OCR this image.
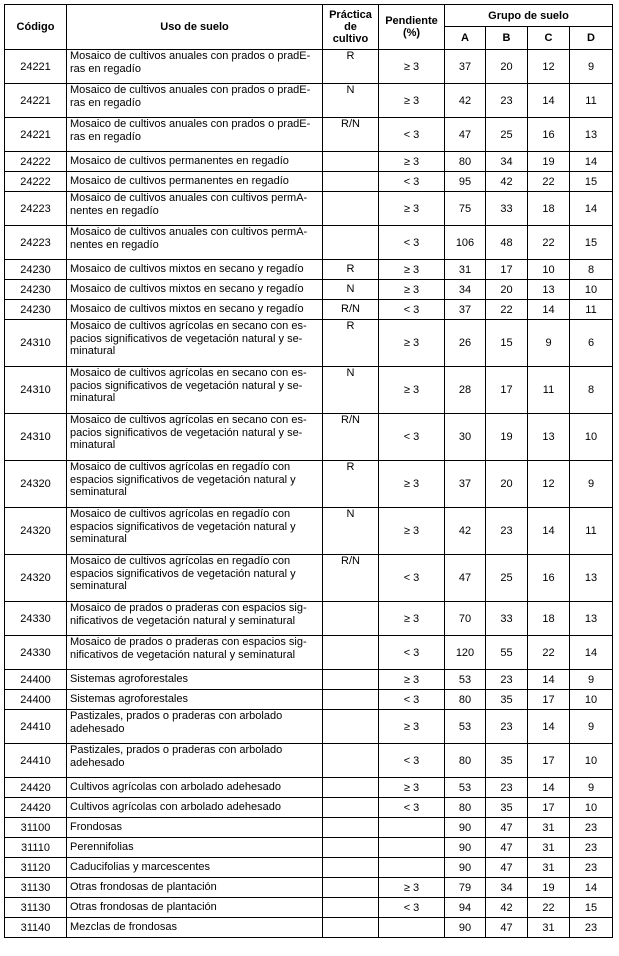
Código	Uso de suelo	Práctica de cultivo	Pendiente (%)	Grupo de suelo			
				A	B	C	D
24221	Mosaico de cultivos anuales con prados o pradE-ras en regadío	R	≥ 3	37	20	12	9
24221	Mosaico de cultivos anuales con prados o pradE-ras en regadío	N	≥ 3	42	23	14	11
24221	Mosaico de cultivos anuales con prados o pradE-ras en regadío	R/N	< 3	47	25	16	13
24222	Mosaico de cultivos permanentes en regadío		≥ 3	80	34	19	14
24222	Mosaico de cultivos permanentes en regadío		< 3	95	42	22	15
24223	Mosaico de cultivos anuales con cultivos permA-nentes en regadío		≥ 3	75	33	18	14
24223	Mosaico de cultivos anuales con cultivos permA-nentes en regadío		< 3	106	48	22	15
24230	Mosaico de cultivos mixtos en secano y regadío	R	≥ 3	31	17	10	8
24230	Mosaico de cultivos mixtos en secano y regadío	N	≥ 3	34	20	13	10
24230	Mosaico de cultivos mixtos en secano y regadío	R/N	< 3	37	22	14	11
24310	Mosaico de cultivos agrícolas en secano con es-pacios significativos de vegetación natural y se-minatural	R	≥ 3	26	15	9	6
24310	Mosaico de cultivos agrícolas en secano con es-pacios significativos de vegetación natural y se-minatural	N	≥ 3	28	17	11	8
24310	Mosaico de cultivos agrícolas en secano con es-pacios significativos de vegetación natural y se-minatural	R/N	< 3	30	19	13	10
24320	Mosaico de cultivos agrícolas en regadío con espacios significativos de vegetación natural y seminatural	R	≥ 3	37	20	12	9
24320	Mosaico de cultivos agrícolas en regadío con espacios significativos de vegetación natural y seminatural	N	≥ 3	42	23	14	11
24320	Mosaico de cultivos agrícolas en regadío con espacios significativos de vegetación natural y seminatural	R/N	< 3	47	25	16	13
24330	Mosaico de prados o praderas con espacios sig-nificativos de vegetación natural y seminatural		≥ 3	70	33	18	13
24330	Mosaico de prados o praderas con espacios sig-nificativos de vegetación natural y seminatural		< 3	120	55	22	14
24400	Sistemas agroforestales		≥ 3	53	23	14	9
24400	Sistemas agroforestales		< 3	80	35	17	10
24410	Pastizales, prados o praderas con arbolado adehesado		≥ 3	53	23	14	9
24410	Pastizales, prados o praderas con arbolado adehesado		< 3	80	35	17	10
24420	Cultivos agrícolas con arbolado adehesado		≥ 3	53	23	14	9
24420	Cultivos agrícolas con arbolado adehesado		< 3	80	35	17	10
31100	Frondosas			90	47	31	23
31110	Perennifolias			90	47	31	23
31120	Caducifolias y marcescentes			90	47	31	23
31130	Otras frondosas de plantación		≥ 3	79	34	19	14
31130	Otras frondosas de plantación		< 3	94	42	22	15
31140	Mezclas de frondosas			90	47	31	23
